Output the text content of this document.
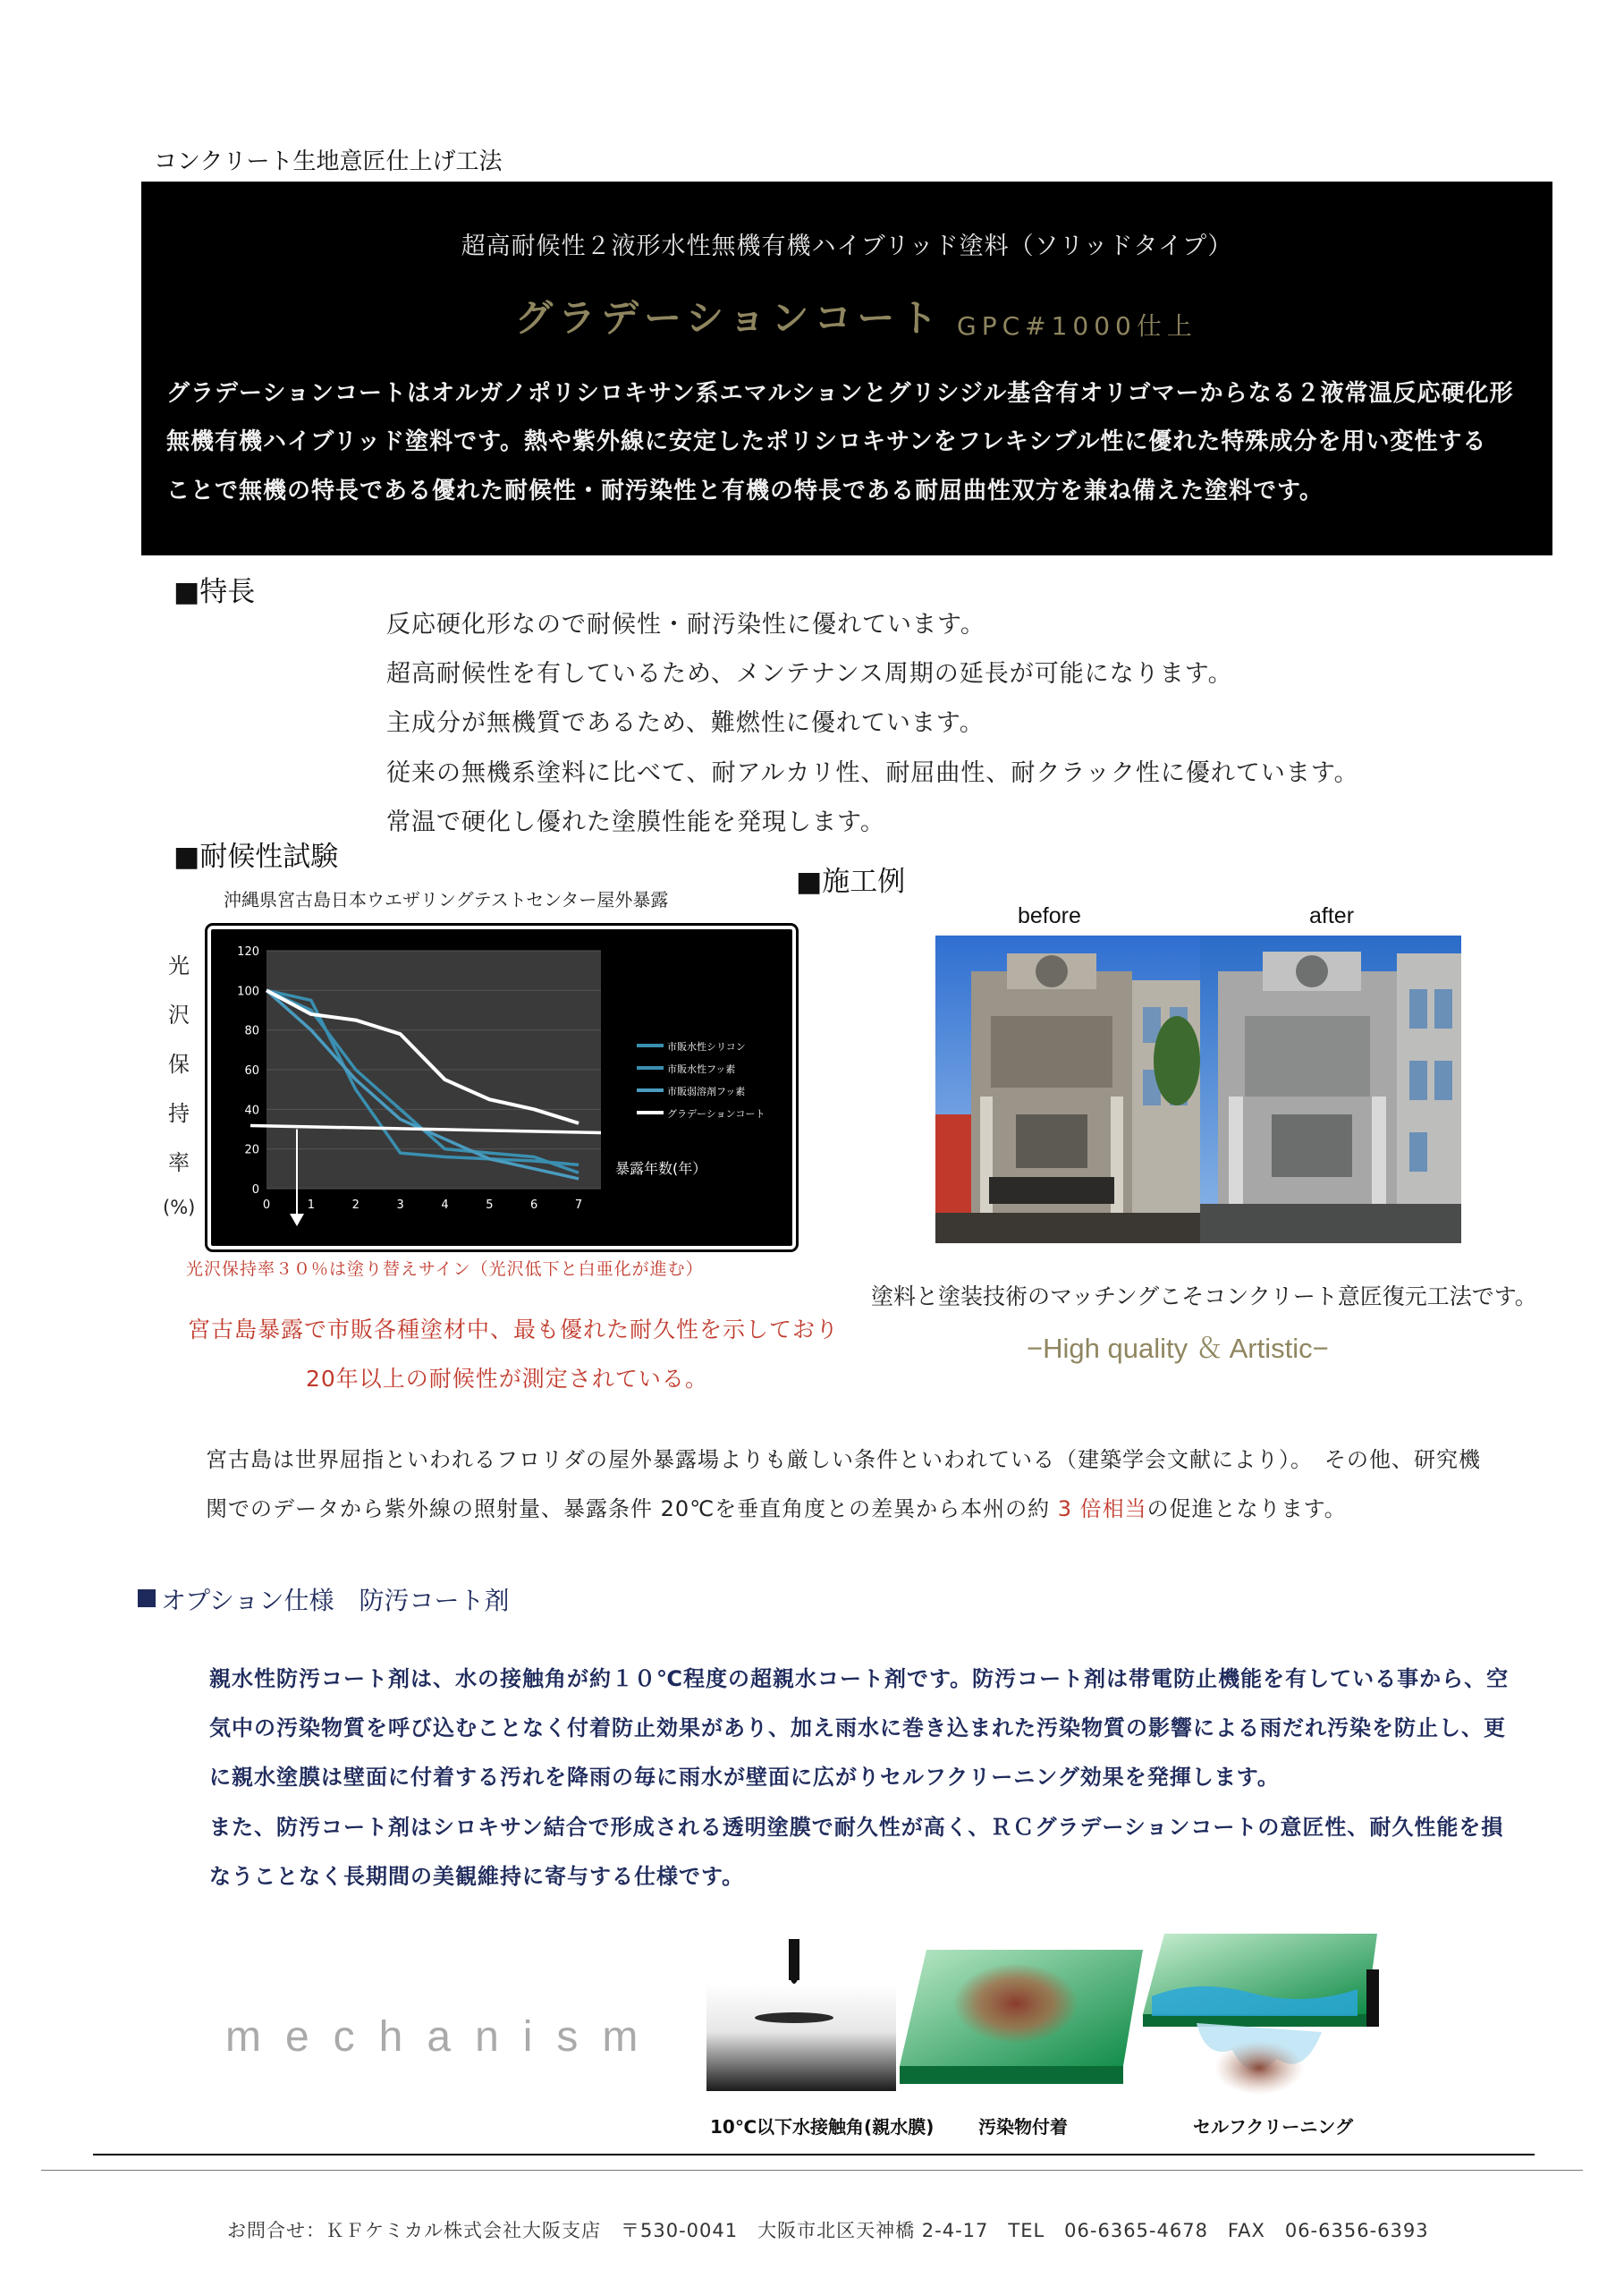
コンクリート生地意匠仕上げ工法
超高耐候性２液形水性無機有機ハイブリッド塗料（ソリッドタイプ）
グラデーションコート GPC#1000仕上
グラデーションコートはオルガノポリシロキサン系エマルションとグリシジル基含有オリゴマーからなる２液常温反応硬化形
無機有機ハイブリッド塗料です。熱や紫外線に安定したポリシロキサンをフレキシブル性に優れた特殊成分を用い変性する
ことで無機の特長である優れた耐候性・耐汚染性と有機の特長である耐屈曲性双方を兼ね備えた塗料です。
■特長
反応硬化形なので耐候性・耐汚染性に優れています。
超高耐候性を有しているため、メンテナンス周期の延長が可能になります。
主成分が無機質であるため、難燃性に優れています。
従来の無機系塗料に比べて、耐アルカリ性、耐屈曲性、耐クラック性に優れています。
常温で硬化し優れた塗膜性能を発現します。
■耐候性試験
沖縄県宮古島日本ウエザリングテストセンター屋外暴露
光
沢
保
持
率
(%)
0
20
40
60
80
100
120
0	1	2	3	4	5	6	7
市販水性シリコン
市販水性フッ素
市販弱溶剤フッ素
グラデーションコート
暴露年数(年）
光沢保持率３０％は塗り替えサイン（光沢低下と白亜化が進む）
宮古島暴露で市販各種塗材中、最も優れた耐久性を示しており
20年以上の耐候性が測定されている。
■施工例
before	after
塗料と塗装技術のマッチングこそコンクリート意匠復元工法です。
−High quality ＆ Artistic−
宮古島は世界屈指といわれるフロリダの屋外暴露場よりも厳しい条件といわれている（建築学会文献により）。　その他、研究機
関でのデータから紫外線の照射量、暴露条件 20℃を垂直角度との差異から本州の約 3 倍相当の促進となります。
オプション仕様　防汚コート剤
親水性防汚コート剤は、水の接触角が約１０℃程度の超親水コート剤です。防汚コート剤は帯電防止機能を有している事から、空
気中の汚染物質を呼び込むことなく付着防止効果があり、加え雨水に巻き込まれた汚染物質の影響による雨だれ汚染を防止し、更
に親水塗膜は壁面に付着する汚れを降雨の毎に雨水が壁面に広がりセルフクリーニング効果を発揮します。
また、防汚コート剤はシロキサン結合で形成される透明塗膜で耐久性が高く、ＲＣグラデーションコートの意匠性、耐久性能を損
なうことなく長期間の美観維持に寄与する仕様です。
mechanism
10℃以下水接触角(親水膜) 汚染物付着	セルフクリーニング
お問合せ：ＫＦケミカル株式会社大阪支店　〒530-0041　大阪市北区天神橋 2-4-17　TEL　06-6365-4678　FAX　06-6356-6393
